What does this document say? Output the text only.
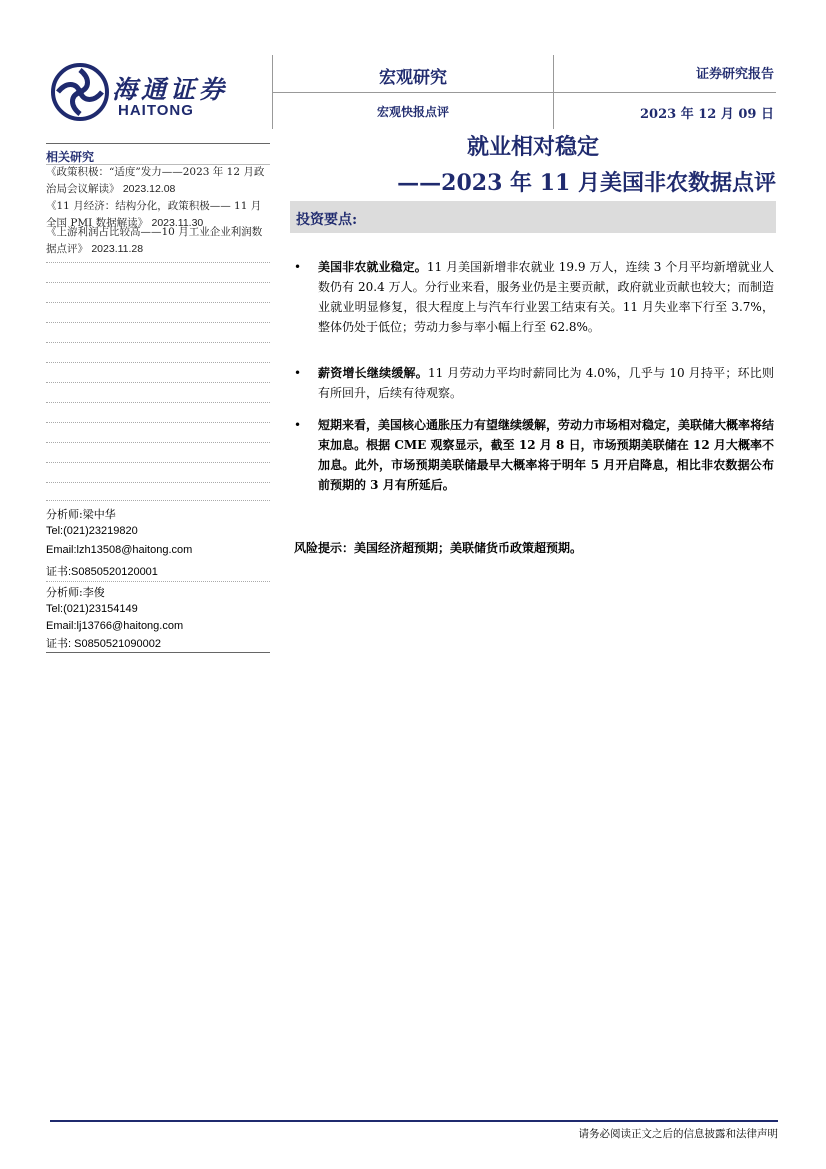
海通证券
HAITONG
宏观研究
宏观快报点评
证券研究报告
2023 年 12 月 09 日
相关研究
《政策积极：“适度”发力——2023 年 12 月政治局会议解读》 2023.12.08
《11 月经济：结构分化，政策积极—— 11 月全国 PMI 数据解读》 2023.11.30
《上游利润占比较高——10 月工业企业利润数据点评》 2023.11.28
分析师:梁中华
Tel:(021)23219820
Email:lzh13508@haitong.com
证书:S0850520120001
分析师:李俊
Tel:(021)23154149
Email:lj13766@haitong.com
证书: S0850521090002
就业相对稳定
——2023 年 11 月美国非农数据点评
投资要点:
• 美国非农就业稳定。11 月美国新增非农就业 19.9 万人，连续 3 个月平均新增就业人数仍有 20.4 万人。分行业来看，服务业仍是主要贡献，政府就业贡献也较大；而制造业就业明显修复，很大程度上与汽车行业罢工结束有关。11 月失业率下行至 3.7%，整体仍处于低位；劳动力参与率小幅上行至 62.8%。
• 薪资增长继续缓解。11 月劳动力平均时薪同比为 4.0%，几乎与 10 月持平；环比则有所回升，后续有待观察。
• 短期来看，美国核心通胀压力有望继续缓解，劳动力市场相对稳定，美联储大概率将结束加息。根据 CME 观察显示，截至 12 月 8 日，市场预期美联储在 12 月大概率不加息。此外，市场预期美联储最早大概率将于明年 5 月开启降息，相比非农数据公布前预期的 3 月有所延后。
风险提示：美国经济超预期；美联储货币政策超预期。
请务必阅读正文之后的信息披露和法律声明
